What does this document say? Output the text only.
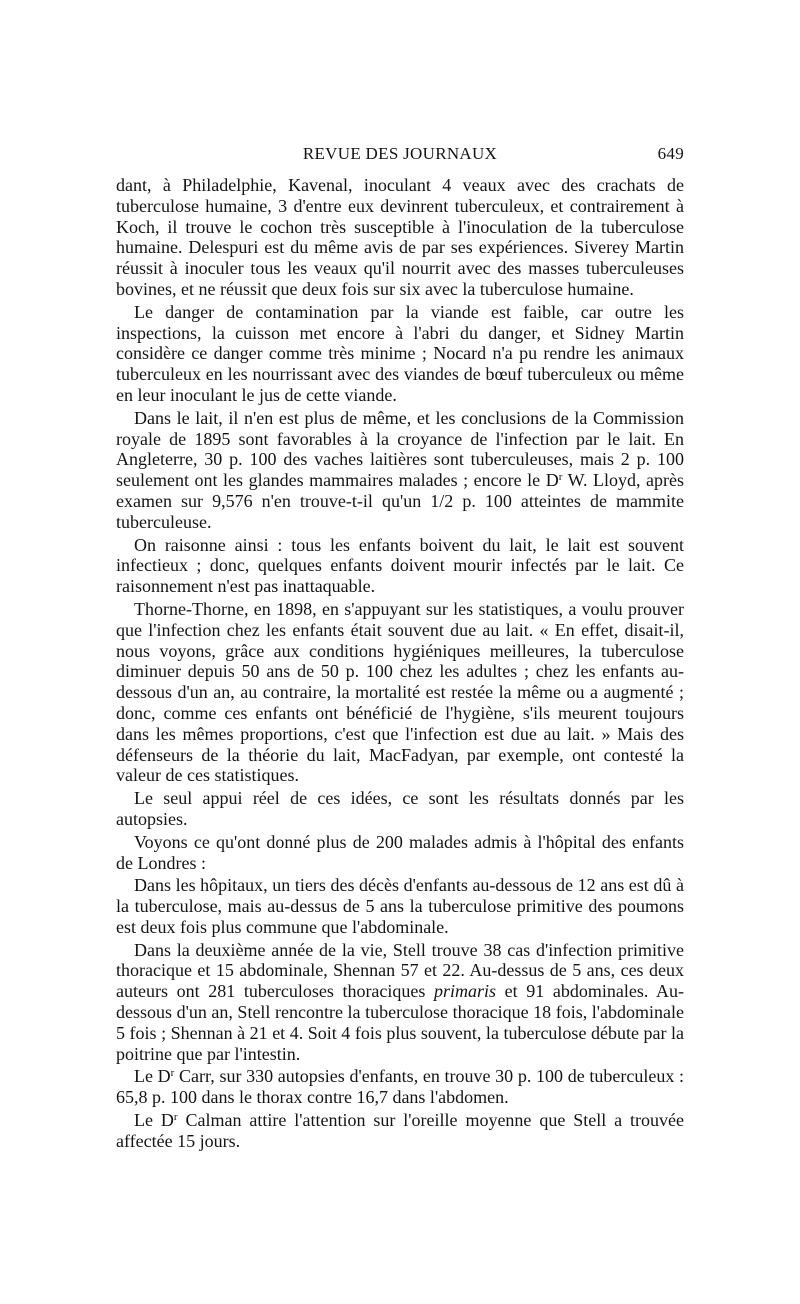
REVUE DES JOURNAUX	649

dant, à Philadelphie, Kavenal, inoculant 4 veaux avec des crachats de tuberculose humaine, 3 d'entre eux devinrent tuberculeux, et contrairement à Koch, il trouve le cochon très susceptible à l'inoculation de la tuberculose humaine. Delespuri est du même avis de par ses expériences. Siverey Martin réussit à inoculer tous les veaux qu'il nourrit avec des masses tuberculeuses bovines, et ne réussit que deux fois sur six avec la tuberculose humaine.

Le danger de contamination par la viande est faible, car outre les inspections, la cuisson met encore à l'abri du danger, et Sidney Martin considère ce danger comme très minime ; Nocard n'a pu rendre les animaux tuberculeux en les nourrissant avec des viandes de bœuf tuberculeux ou même en leur inoculant le jus de cette viande.

Dans le lait, il n'en est plus de même, et les conclusions de la Commission royale de 1895 sont favorables à la croyance de l'infection par le lait. En Angleterre, 30 p. 100 des vaches laitières sont tuberculeuses, mais 2 p. 100 seulement ont les glandes mammaires malades ; encore le $D^r$ W. Lloyd, après examen sur 9,576 n'en trouve-t-il qu'un 1/2 p. 100 atteintes de mammite tuberculeuse.

On raisonne ainsi : tous les enfants boivent du lait, le lait est souvent infectieux ; donc, quelques enfants doivent mourir infectés par le lait. Ce raisonnement n'est pas inattaquable.

Thorne-Thorne, en 1898, en s'appuyant sur les statistiques, a voulu prouver que l'infection chez les enfants était souvent due au lait. « En effet, disait-il, nous voyons, grâce aux conditions hygiéniques meilleures, la tuberculose diminuer depuis 50 ans de 50 p. 100 chez les adultes ; chez les enfants au-dessous d'un an, au contraire, la mortalité est restée la même ou a augmenté ; donc, comme ces enfants ont bénéficié de l'hygiène, s'ils meurent toujours dans les mêmes proportions, c'est que l'infection est due au lait. » Mais des défenseurs de la théorie du lait, MacFadyan, par exemple, ont contesté la valeur de ces statistiques.

Le seul appui réel de ces idées, ce sont les résultats donnés par les autopsies.

Voyons ce qu'ont donné plus de 200 malades admis à l'hôpital des enfants de Londres :

Dans les hôpitaux, un tiers des décès d'enfants au-dessous de 12 ans est dû à la tuberculose, mais au-dessus de 5 ans la tuberculose primitive des poumons est deux fois plus commune que l'abdominale.

Dans la deuxième année de la vie, Stell trouve 38 cas d'infection primitive thoracique et 15 abdominale, Shennan 57 et 22. Au-dessus de 5 ans, ces deux auteurs ont 281 tuberculoses thoraciques primaris et 91 abdominales. Au-dessous d'un an, Stell rencontre la tuberculose thoracique 18 fois, l'abdominale 5 fois ; Shennan à 21 et 4. Soit 4 fois plus souvent, la tuberculose débute par la poitrine que par l'intestin.

Le $D^r$ Carr, sur 330 autopsies d'enfants, en trouve 30 p. 100 de tuberculeux : 65,8 p. 100 dans le thorax contre 16,7 dans l'abdomen.

Le $D^r$ Calman attire l'attention sur l'oreille moyenne que Stell a trouvée affectée 15 jours.
